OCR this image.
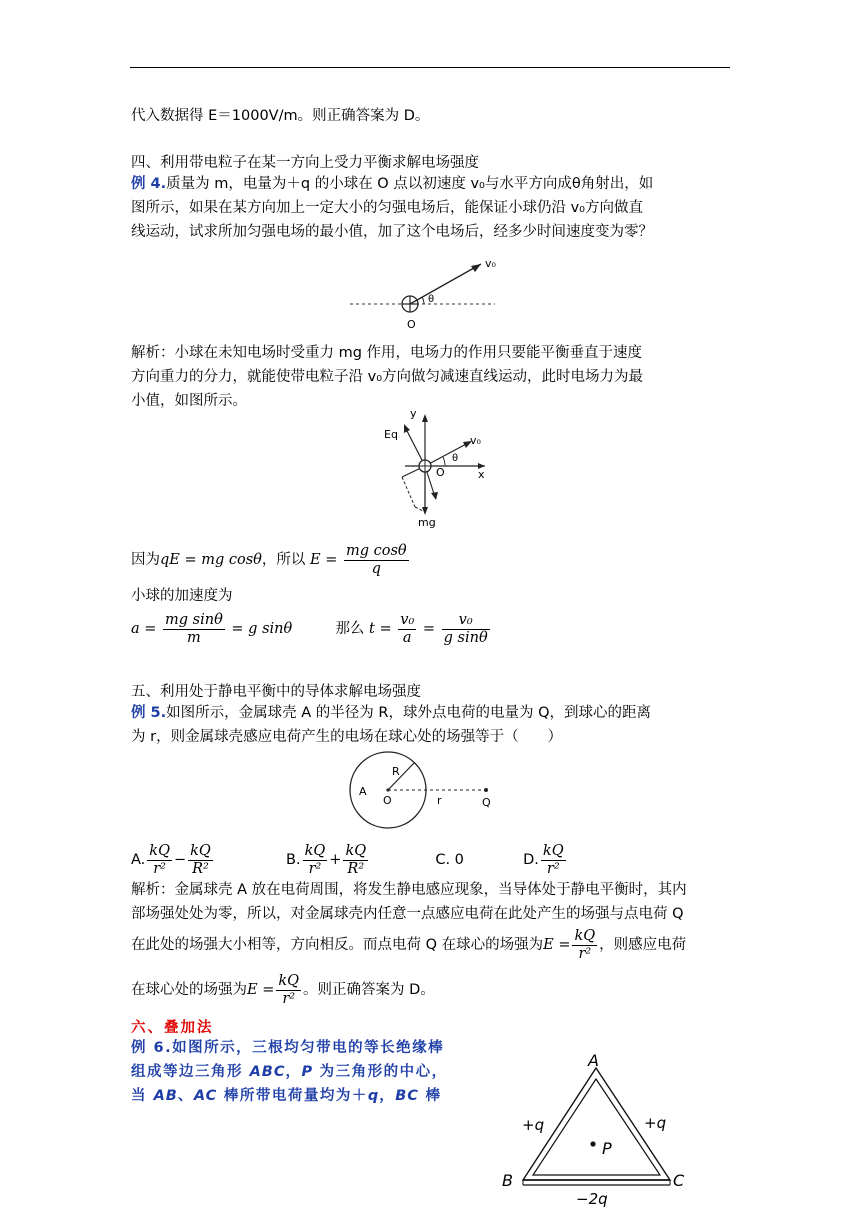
代入数据得 E＝1000V/m。则正确答案为 D。
四、利用带电粒子在某一方向上受力平衡求解电场强度
例 4.质量为 m，电量为＋q 的小球在 O 点以初速度 v₀与水平方向成θ角射出，如
图所示，如果在某方向加上一定大小的匀强电场后，能保证小球仍沿 v₀方向做直
线运动，试求所加匀强电场的最小值，加了这个电场后，经多少时间速度变为零？
v₀
θ
O
解析：小球在未知电场时受重力 mg 作用，电场力的作用只要能平衡垂直于速度
方向重力的分力，就能使带电粒子沿 v₀方向做匀减速直线运动，此时电场力为最
小值，如图所示。
y
x
Eq	v₀
θ
O
mg
因为qE = mg cosθ，所以 $E = \frac{\text{mg cosθ}}{q}$
小球的加速度为
$a = \frac{\text{mg sinθ}}{m} = g$ sinθ	那么 $t = \frac{\text{v₀}}{a} = \frac{\text{v₀}}{\text{g sinθ}}$
五、利用处于静电平衡中的导体求解电场强度
例 5.如图所示，金属球壳 A 的半径为 R，球外点电荷的电量为 Q，到球心的距离
为 r，则金属球壳感应电荷产生的电场在球心处的场强等于（　　）
R
A
O	r	Q
A. $\frac{kQ}{\text{r²}} - \frac{kQ}{\text{R²}}$	B. $\frac{kQ}{\text{r²}} + \frac{kQ}{\text{R²}}$	C. 0	D. $\frac{kQ}{\text{r²}}$
解析：金属球壳 A 放在电荷周围，将发生静电感应现象，当导体处于静电平衡时，其内
部场强处处为零，所以，对金属球壳内任意一点感应电荷在此处产生的场强与点电荷 Q
在此处的场强大小相等，方向相反。而点电荷 Q 在球心的场强为$E = \frac{kQ}{\text{r²}}$ ，则感应电荷
在球心处的场强为$E = \frac{kQ}{\text{r²}}$ 。则正确答案为 D。
六、叠加法
例 6.如图所示，三根均匀带电的等长绝缘棒
组成等边三角形 ABC，P 为三角形的中心，
当 AB、AC 棒所带电荷量均为＋q，BC 棒
A
B	C
P
+q	+q
−2q
